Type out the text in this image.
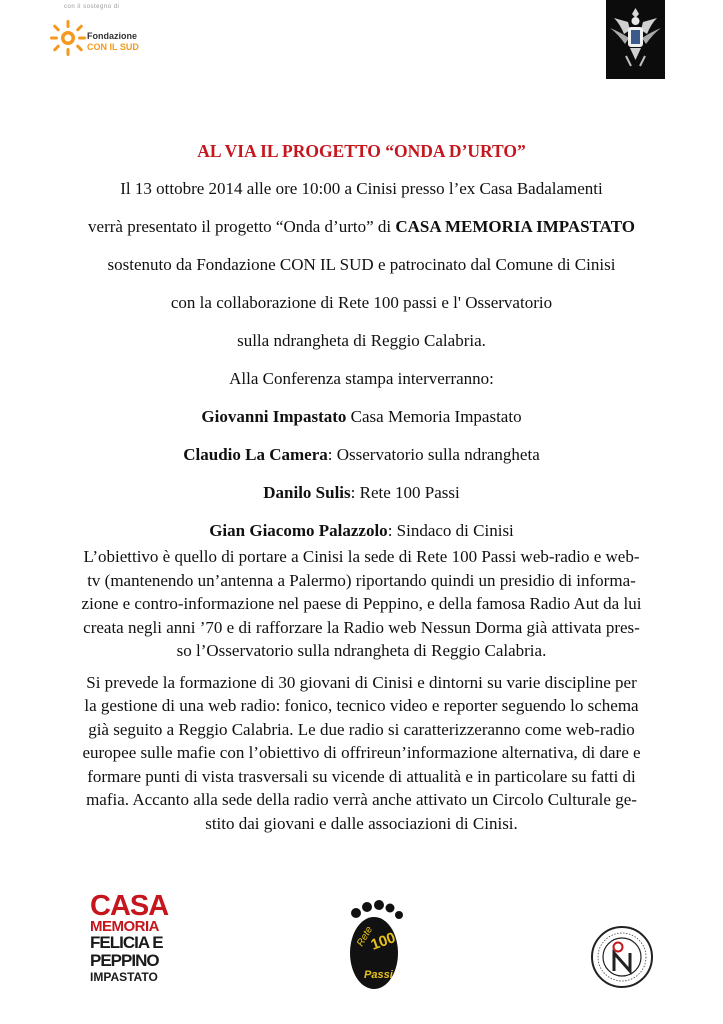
con il sostegno di
Fondazione
CON IL SUD
AL VIA IL PROGETTO “ONDA D’URTO”
Il 13 ottobre 2014 alle ore 10:00 a Cinisi presso l’ex Casa Badalamenti
verrà presentato il progetto “Onda d’urto” di CASA MEMORIA IMPASTATO
sostenuto da Fondazione CON IL SUD e patrocinato dal Comune di Cinisi
con la collaborazione di Rete 100 passi e l' Osservatorio
sulla ndrangheta di Reggio Calabria.
Alla Conferenza stampa interverranno:
Giovanni Impastato Casa Memoria Impastato
Claudio La Camera: Osservatorio sulla ndrangheta
Danilo Sulis: Rete 100 Passi
Gian Giacomo Palazzolo: Sindaco di Cinisi
L’obiettivo è quello di portare a Cinisi la sede di Rete 100 Passi web-radio e web-
tv (mantenendo un’antenna a Palermo) riportando quindi un presidio di informa-
zione e contro-informazione nel paese di Peppino, e della famosa Radio Aut da lui
creata negli anni ’70 e di rafforzare la Radio web Nessun Dorma già attivata pres-
so l’Osservatorio sulla ndrangheta di Reggio Calabria.
Si prevede la formazione di 30 giovani di Cinisi e dintorni su varie discipline per
la gestione di una web radio: fonico, tecnico video e reporter seguendo lo schema
già seguito a Reggio Calabria. Le due radio si caratterizzeranno come web-radio
europee sulle mafie con l’obiettivo di offrireun’informazione alternativa, di dare e
formare punti di vista trasversali su vicende di attualità e in particolare su fatti di
mafia. Accanto alla sede della radio verrà anche attivato un Circolo Culturale ge-
stito dai giovani e dalle associazioni di Cinisi.
CASA
MEMORIA
FELICIA E
PEPPINO
IMPASTATO
Rete
100
Passi
